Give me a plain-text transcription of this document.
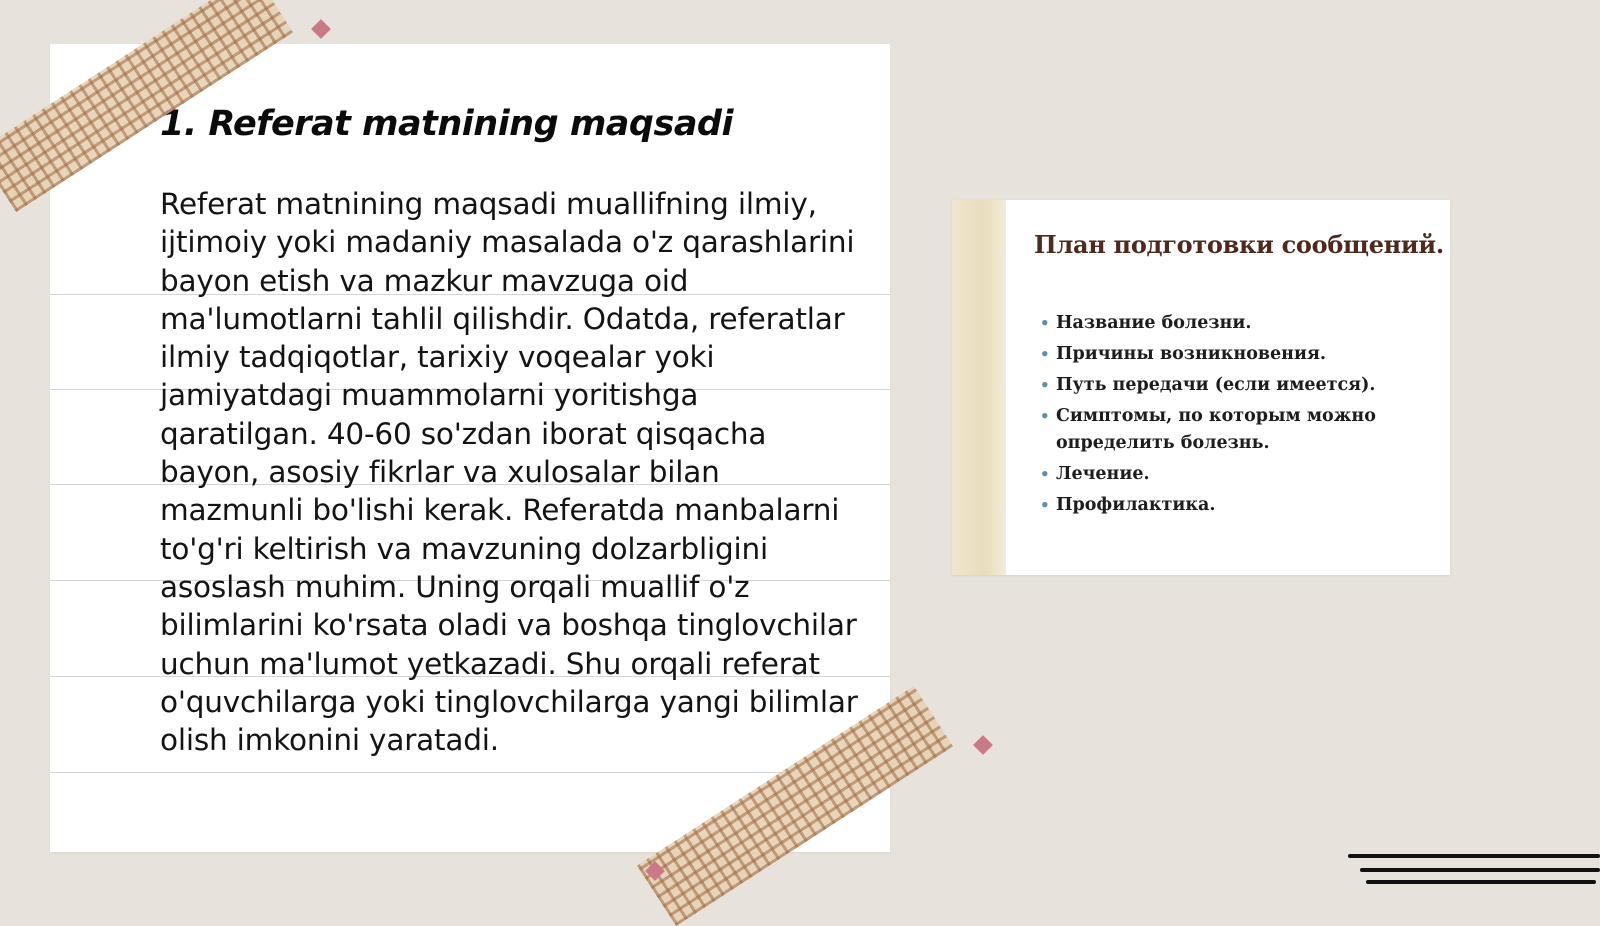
1. Referat matnining maqsadi

Referat matnining maqsadi muallifning ilmiy, ijtimoiy yoki madaniy masalada o'z qarashlarini bayon etish va mazkur mavzuga oid ma'lumotlarni tahlil qilishdir. Odatda, referatlar ilmiy tadqiqotlar, tarixiy voqealar yoki jamiyatdagi muammolarni yoritishga qaratilgan. 40-60 so'zdan iborat qisqacha bayon, asosiy fikrlar va xulosalar bilan mazmunli bo'lishi kerak. Referatda manbalarni to'g'ri keltirish va mavzuning dolzarbligini asoslash muhim. Uning orqali muallif o'z bilimlarini ko'rsata oladi va boshqa tinglovchilar uchun ma'lumot yetkazadi. Shu orqali referat o'quvchilarga yoki tinglovchilarga yangi bilimlar olish imkonini yaratadi.

План подготовки сообщений.
• Название болезни.
• Причины возникновения.
• Путь передачи (если имеется).
• Симптомы, по которым можно определить болезнь.
• Лечение.
• Профилактика.
